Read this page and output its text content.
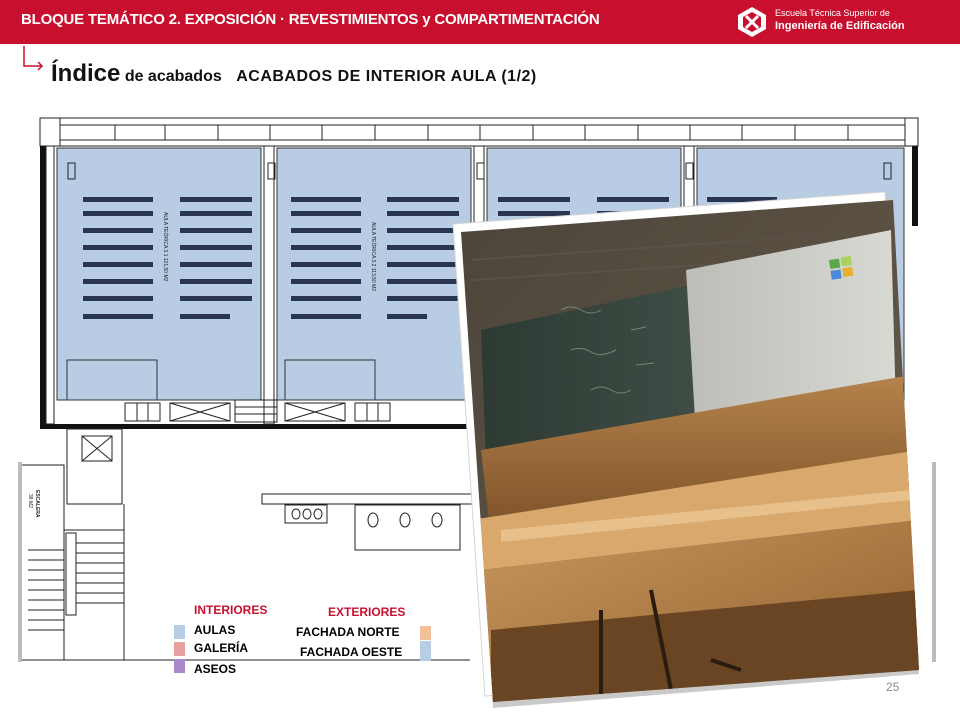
BLOQUE TEMÁTICO 2. EXPOSICIÓN · REVESTIMIENTOS y COMPARTIMENTACIÓN	Escuela Técnica Superior de
Ingeniería de Edificación
Índice de acabados ACABADOS DE INTERIOR AULA (1/2)
AULA TEÓRICA 3.1 121,50 M2	AULA TEÓRICA 3.2 113,50 M2
ESCALERA
38 M2
INTERIORES
AULAS
GALERÍA
ASEOS
EXTERIORES
FACHADA NORTE
FACHADA OESTE
25
